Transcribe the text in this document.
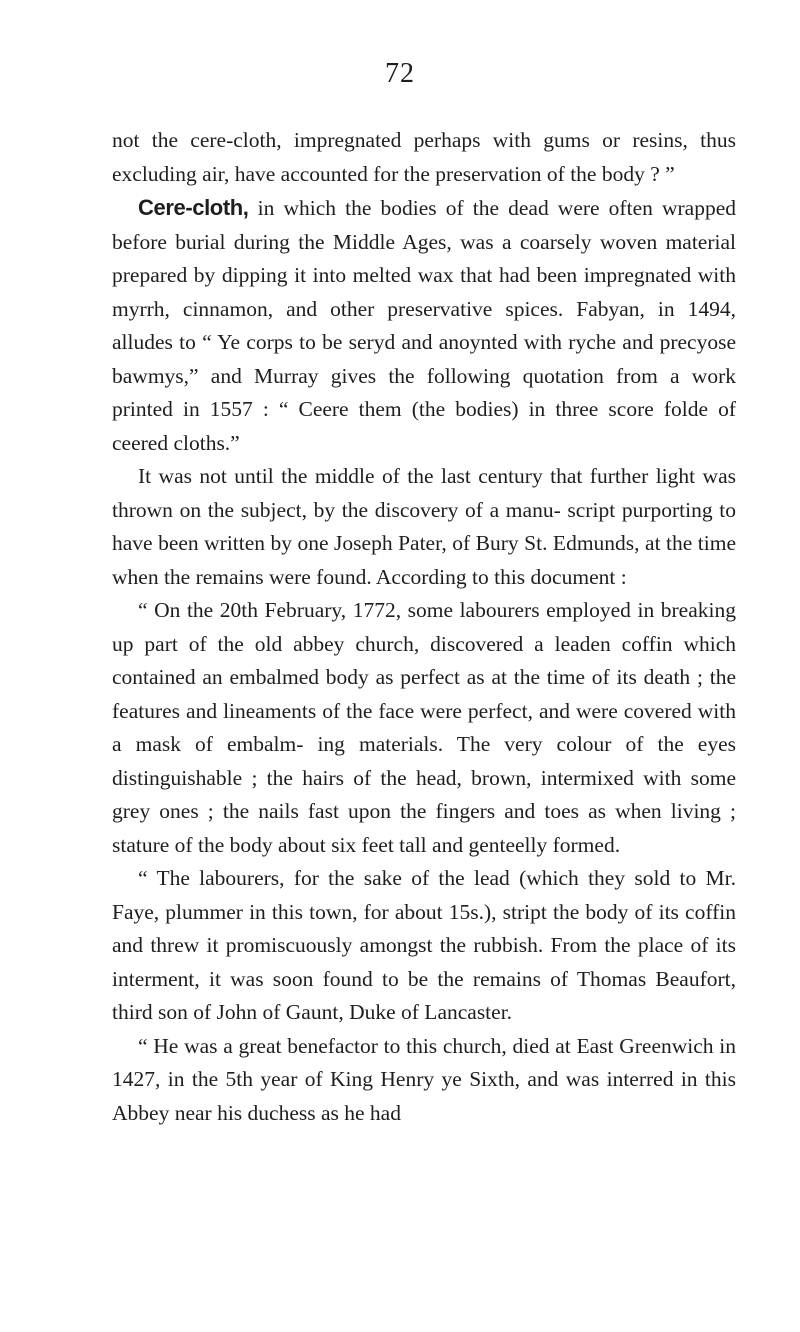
72

not the cere-cloth, impregnated perhaps with gums or resins, thus excluding air, have accounted for the preservation of the body ? ”

Cere-cloth, in which the bodies of the dead were often wrapped before burial during the Middle Ages, was a coarsely woven material prepared by dipping it into melted wax that had been impregnated with myrrh, cinnamon, and other preservative spices. Fabyan, in 1494, alludes to “ Ye corps to be seryd and anoynted with ryche and precyose bawmys,” and Murray gives the following quotation from a work printed in 1557 : “ Ceere them (the bodies) in three score folde of ceered cloths.”

It was not until the middle of the last century that further light was thrown on the subject, by the discovery of a manu- script purporting to have been written by one Joseph Pater, of Bury St. Edmunds, at the time when the remains were found. According to this document :

“ On the 20th February, 1772, some labourers employed in breaking up part of the old abbey church, discovered a leaden coffin which contained an embalmed body as perfect as at the time of its death ; the features and lineaments of the face were perfect, and were covered with a mask of embalm- ing materials. The very colour of the eyes distinguishable ; the hairs of the head, brown, intermixed with some grey ones ; the nails fast upon the fingers and toes as when living ; stature of the body about six feet tall and genteelly formed.

“ The labourers, for the sake of the lead (which they sold to Mr. Faye, plummer in this town, for about 15s.), stript the body of its coffin and threw it promiscuously amongst the rubbish. From the place of its interment, it was soon found to be the remains of Thomas Beaufort, third son of John of Gaunt, Duke of Lancaster.

“ He was a great benefactor to this church, died at East Greenwich in 1427, in the 5th year of King Henry ye Sixth, and was interred in this Abbey near his duchess as he had
